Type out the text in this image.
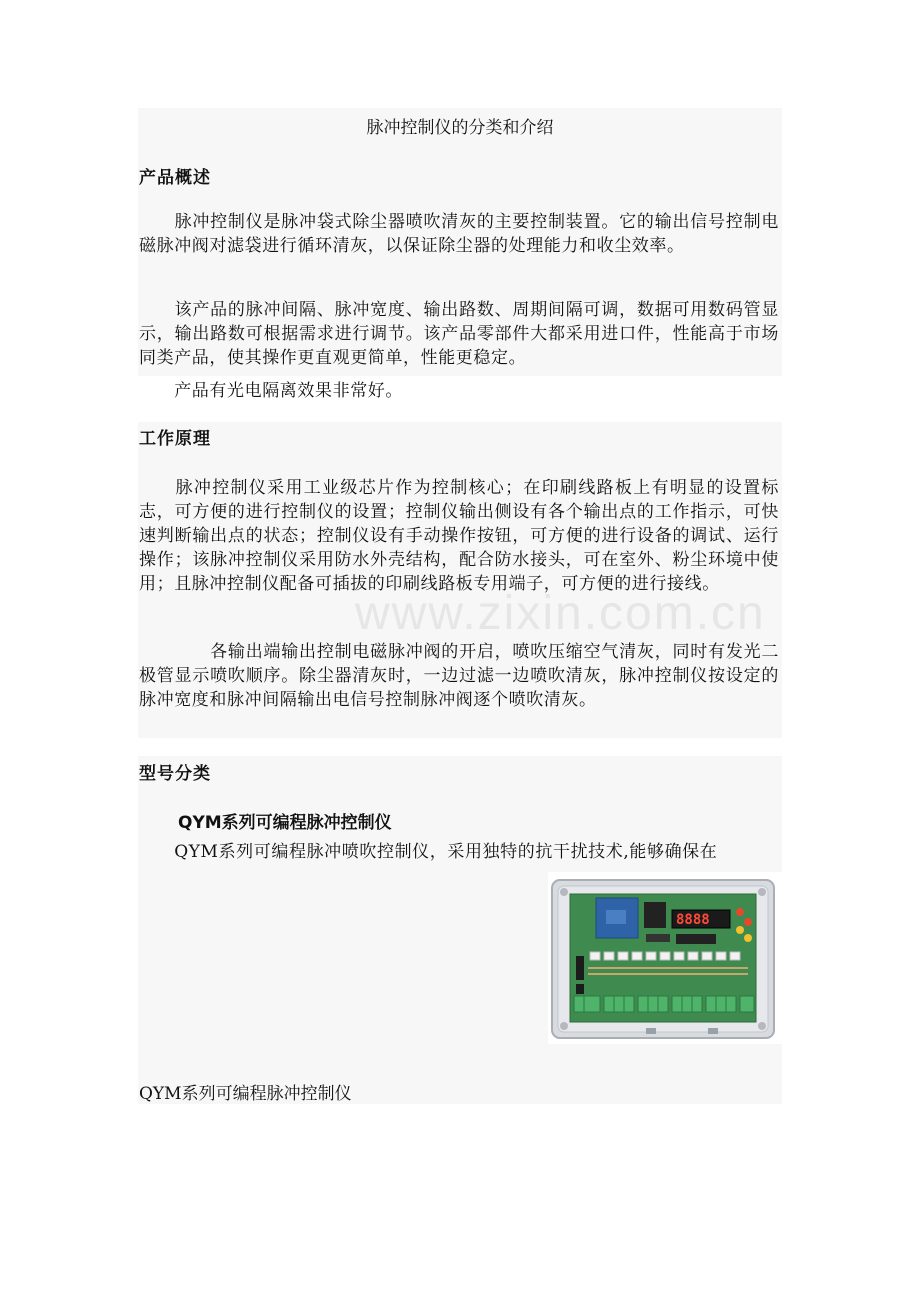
脉冲控制仪的分类和介绍
产品概述

　　脉冲控制仪是脉冲袋式除尘器喷吹清灰的主要控制装置。它的输出信号控制电磁脉冲阀对滤袋进行循环清灰，以保证除尘器的处理能力和收尘效率。

　　该产品的脉冲间隔、脉冲宽度、输出路数、周期间隔可调，数据可用数码管显示，输出路数可根据需求进行调节。该产品零部件大都采用进口件，性能高于市场同类产品，使其操作更直观更简单，性能更稳定。

　　产品有光电隔离效果非常好。

工作原理

　　脉冲控制仪采用工业级芯片作为控制核心；在印刷线路板上有明显的设置标志，可方便的进行控制仪的设置；控制仪输出侧设有各个输出点的工作指示，可快速判断输出点的状态；控制仪设有手动操作按钮，可方便的进行设备的调试、运行操作；该脉冲控制仪采用防水外壳结构，配合防水接头，可在室外、粉尘环境中使用；且脉冲控制仪配备可插拔的印刷线路板专用端子，可方便的进行接线。

　　　　各输出端输出控制电磁脉冲阀的开启，喷吹压缩空气清灰，同时有发光二极管显示喷吹顺序。除尘器清灰时，一边过滤一边喷吹清灰，脉冲控制仪按设定的脉冲宽度和脉冲间隔输出电信号控制脉冲阀逐个喷吹清灰。

www.zixin.com.cn
型号分类
QYM系列可编程脉冲控制仪

　　QYM系列可编程脉冲喷吹控制仪，采用独特的抗干扰技术,能够确保在

8888
QYM系列可编程脉冲控制仪
